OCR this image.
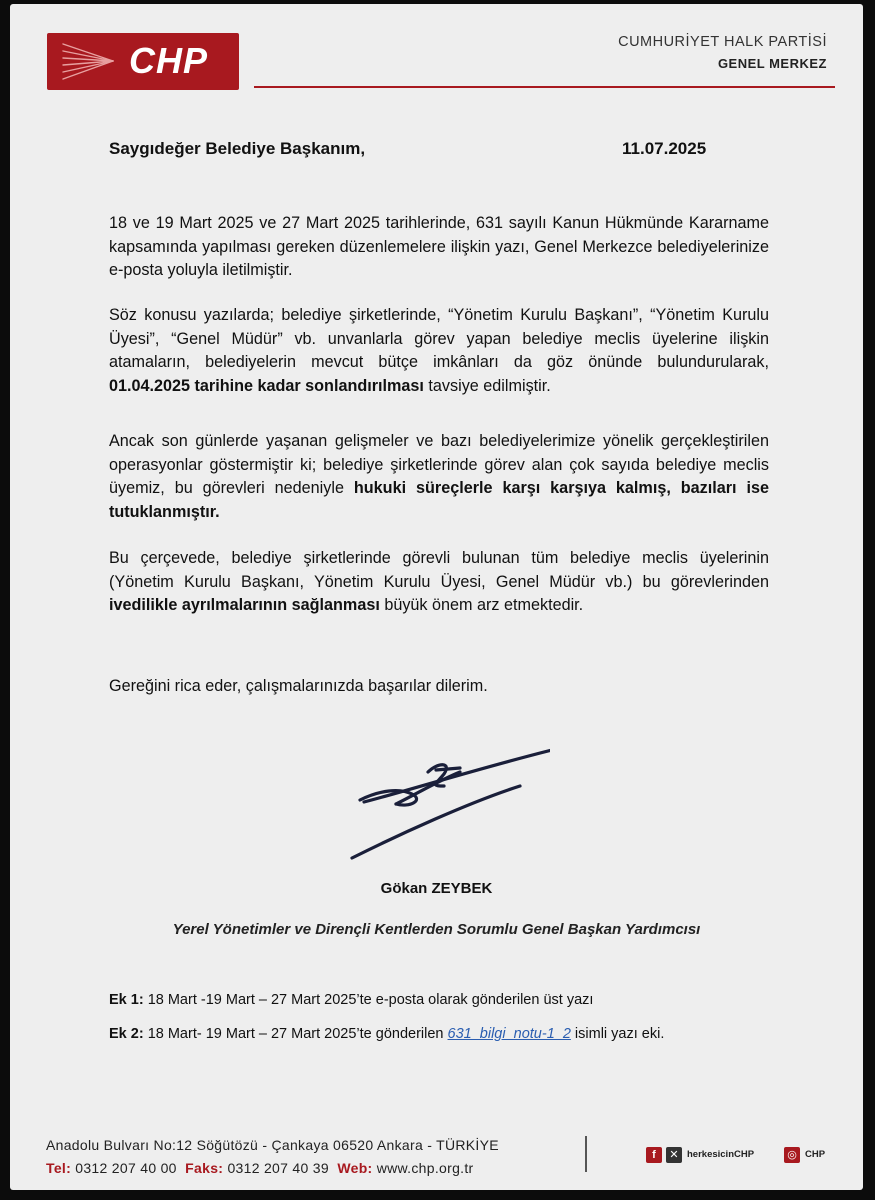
CHP	CUMHURİYET HALK PARTİSİ
GENEL MERKEZ
Saygıdeğer Belediye Başkanım,	11.07.2025
18 ve 19 Mart 2025 ve 27 Mart 2025 tarihlerinde, 631 sayılı Kanun Hükmünde Kararname kapsamında yapılması gereken düzenlemelere ilişkin yazı, Genel Merkezce belediyelerinize e-posta yoluyla iletilmiştir.
Söz konusu yazılarda; belediye şirketlerinde, “Yönetim Kurulu Başkanı”, “Yönetim Kurulu Üyesi”, “Genel Müdür” vb. unvanlarla görev yapan belediye meclis üyelerine ilişkin atamaların, belediyelerin mevcut bütçe imkânları da göz önünde bulundurularak, 01.04.2025 tarihine kadar sonlandırılması tavsiye edilmiştir.
Ancak son günlerde yaşanan gelişmeler ve bazı belediyelerimize yönelik gerçekleştirilen operasyonlar göstermiştir ki; belediye şirketlerinde görev alan çok sayıda belediye meclis üyemiz, bu görevleri nedeniyle hukuki süreçlerle karşı karşıya kalmış, bazıları ise tutuklanmıştır.
Bu çerçevede, belediye şirketlerinde görevli bulunan tüm belediye meclis üyelerinin (Yönetim Kurulu Başkanı, Yönetim Kurulu Üyesi, Genel Müdür vb.) bu görevlerinden ivedilikle ayrılmalarının sağlanması büyük önem arz etmektedir.
Gereğini rica eder, çalışmalarınızda başarılar dilerim.
Gökan ZEYBEK
Yerel Yönetimler ve Dirençli Kentlerden Sorumlu Genel Başkan Yardımcısı
Ek 1: 18 Mart -19 Mart – 27 Mart 2025’te e-posta olarak gönderilen üst yazı
Ek 2: 18 Mart- 19 Mart – 27 Mart 2025’te gönderilen 631_bilgi_notu-1_2 isimli yazı eki.
Anadolu Bulvarı No:12 Söğütözü - Çankaya 06520 Ankara - TÜRKİYE
Tel: 0312 207 40 00 Faks: 0312 207 40 39 Web: www.chp.org.tr
f	✕ herkesicinCHP	◎ CHP
